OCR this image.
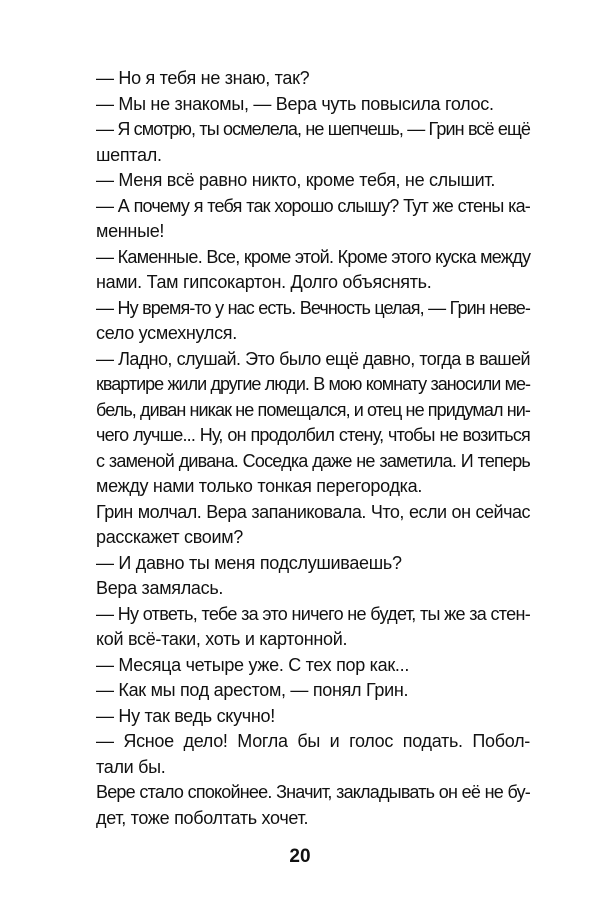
— Но я тебя не знаю, так?
— Мы не знакомы, — Вера чуть повысила голос.
— Я смотрю, ты осмелела, не шепчешь, — Грин всё ещё
шептал.
— Меня всё равно никто, кроме тебя, не слышит.
— А почему я тебя так хорошо слышу? Тут же стены ка-
менные!
— Каменные. Все, кроме этой. Кроме этого куска между
нами. Там гипсокартон. Долго объяснять.
— Ну время-то у нас есть. Вечность целая, — Грин неве-
село усмехнулся.
— Ладно, слушай. Это было ещё давно, тогда в вашей
квартире жили другие люди. В мою комнату заносили ме-
бель, диван никак не помещался, и отец не придумал ни-
чего лучше... Ну, он продолбил стену, чтобы не возиться
с заменой дивана. Соседка даже не заметила. И теперь
между нами только тонкая перегородка.
Грин молчал. Вера запаниковала. Что, если он сейчас
расскажет своим?
— И давно ты меня подслушиваешь?
Вера замялась.
— Ну ответь, тебе за это ничего не будет, ты же за стен-
кой всё-таки, хоть и картонной.
— Месяца четыре уже. С тех пор как...
— Как мы под арестом, — понял Грин.
— Ну так ведь скучно!
— Ясное дело! Могла бы и голос подать. Побол-
тали бы.
Вере стало спокойнее. Значит, закладывать он её не бу-
дет, тоже поболтать хочет.
20
